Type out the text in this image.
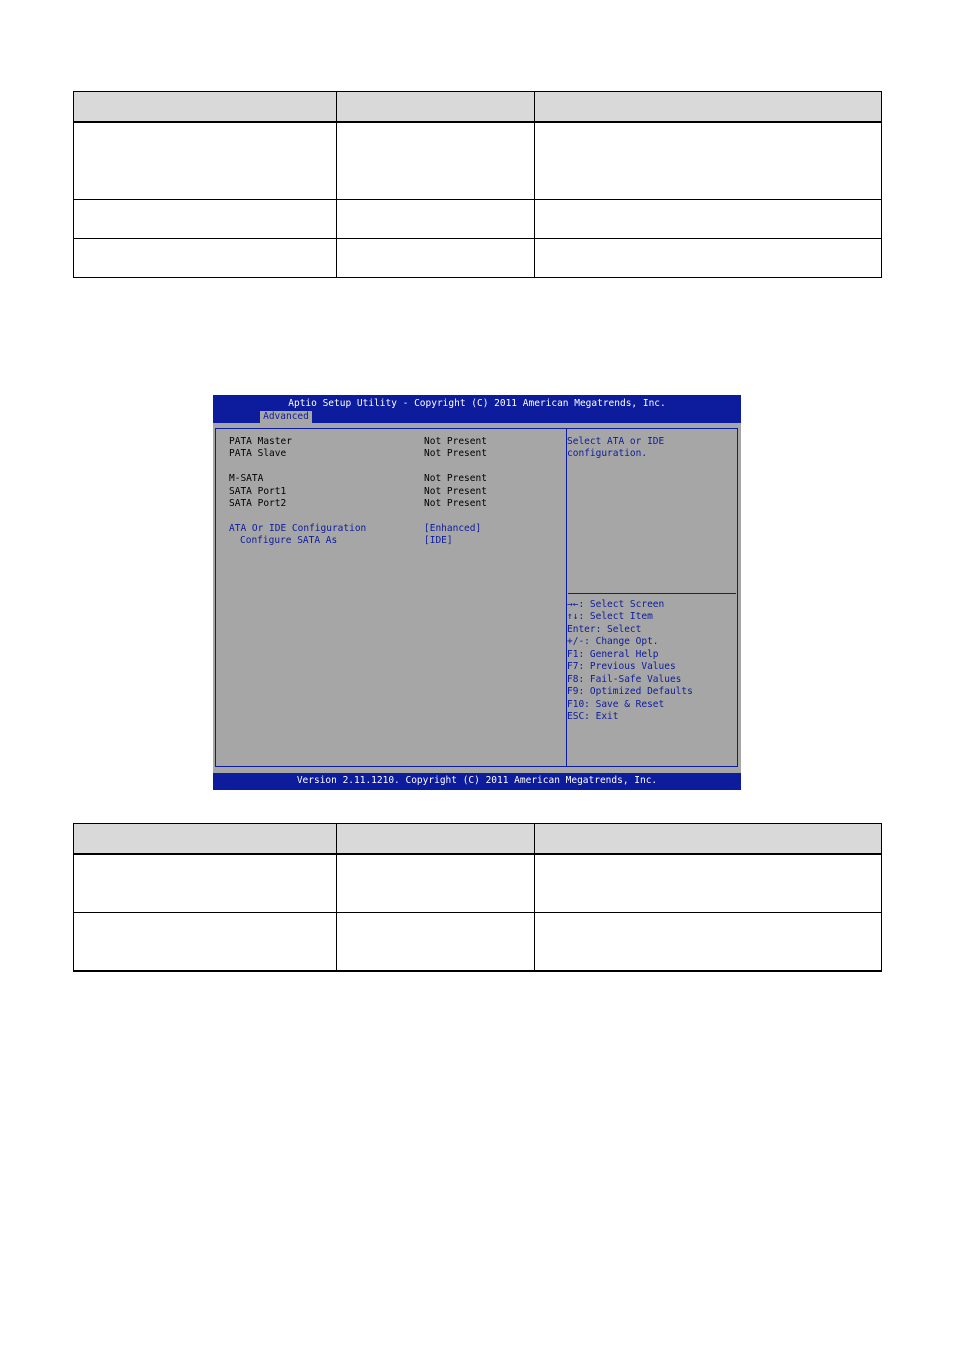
Aptio Setup Utility - Copyright (C) 2011 American Megatrends, Inc.
Advanced
PATA Master	Not Present
PATA Slave	Not Present
M-SATA	Not Present
SATA Port1	Not Present
SATA Port2	Not Present
ATA Or IDE Configuration	[Enhanced]
Configure SATA As	[IDE]
Select ATA or IDE
configuration.
→←: Select Screen
↑↓: Select Item
Enter: Select
+/-: Change Opt.
F1: General Help
F7: Previous Values
F8: Fail-Safe Values
F9: Optimized Defaults
F10: Save & Reset
ESC: Exit
Version 2.11.1210. Copyright (C) 2011 American Megatrends, Inc.
